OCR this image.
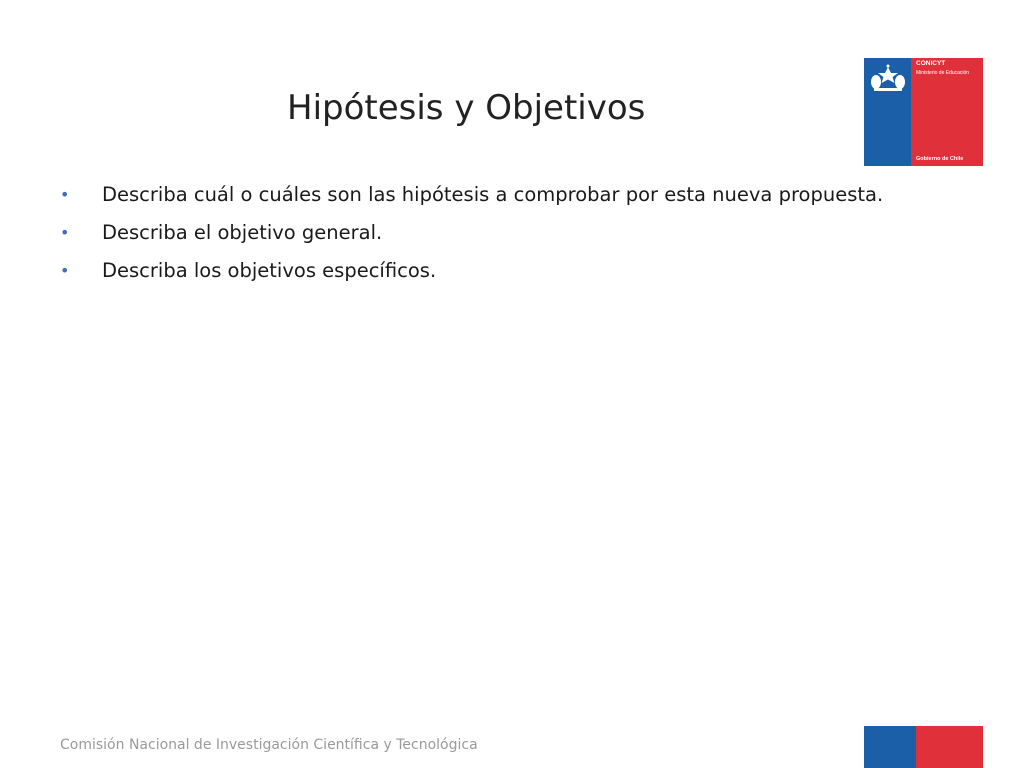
Hipótesis y Objetivos
CONICYT
Ministerio de Educación
Gobierno de Chile
• Describa cuál o cuáles son las hipótesis a comprobar por esta nueva propuesta.
• Describa el objetivo general.
• Describa los objetivos específicos.
Comisión Nacional de Investigación Científica y Tecnológica
